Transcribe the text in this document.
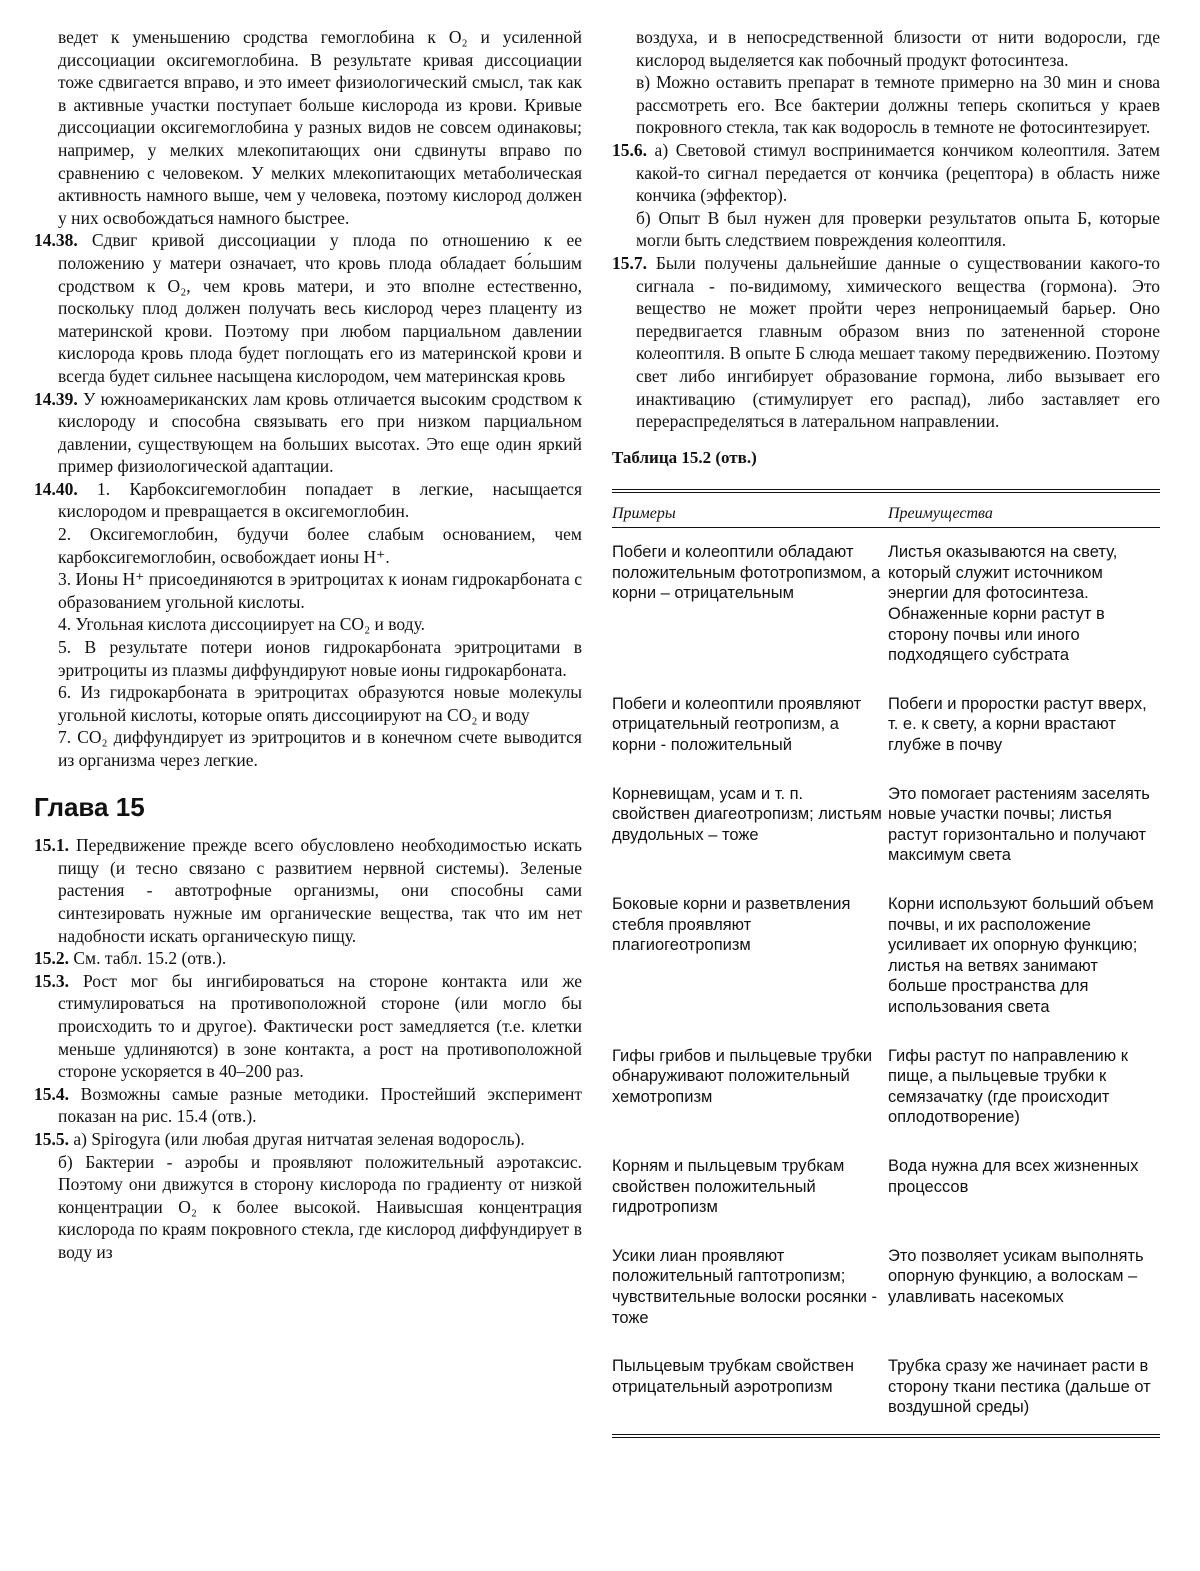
ведет к уменьшению сродства гемоглобина к O₂ и усиленной диссоциации оксигемоглобина. В результате кривая диссоциации тоже сдвигается вправо, и это имеет физиологический смысл, так как в активные участки поступает больше кислорода из крови. Кривые диссоциации оксигемоглобина у разных видов не совсем одинаковы; например, у мелких млекопитающих они сдвинуты вправо по сравнению с человеком. У мелких млекопитающих метаболическая активность намного выше, чем у человека, поэтому кислород должен у них освобождаться намного быстрее.

14.38. Сдвиг кривой диссоциации у плода по отношению к ее положению у матери означает, что кровь плода обладает бо́льшим сродством к O₂, чем кровь матери, и это вполне естественно, поскольку плод должен получать весь кислород через плаценту из материнской крови. Поэтому при любом парциальном давлении кислорода кровь плода будет поглощать его из материнской крови и всегда будет сильнее насыщена кислородом, чем материнская кровь

14.39. У южноамериканских лам кровь отличается высоким сродством к кислороду и способна связывать его при низком парциальном давлении, существующем на больших высотах. Это еще один яркий пример физиологической адаптации.

14.40. 1. Карбоксигемоглобин попадает в легкие, насыщается кислородом и превращается в оксигемоглобин.

2. Оксигемоглобин, будучи более слабым основанием, чем карбоксигемоглобин, освобождает ионы H⁺.

3. Ионы H⁺ присоединяются в эритроцитах к ионам гидрокарбоната с образованием угольной кислоты.

4. Угольная кислота диссоциирует на CO₂ и воду.

5. В результате потери ионов гидрокарбоната эритроцитами в эритроциты из плазмы диффундируют новые ионы гидрокарбоната.

6. Из гидрокарбоната в эритроцитах образуются новые молекулы угольной кислоты, которые опять диссоциируют на CO₂ и воду

7. CO₂ диффундирует из эритроцитов и в конечном счете выводится из организма через легкие.

Глава 15

15.1. Передвижение прежде всего обусловлено необходимостью искать пищу (и тесно связано с развитием нервной системы). Зеленые растения - автотрофные организмы, они способны сами синтезировать нужные им органические вещества, так что им нет надобности искать органическую пищу.

15.2. См. табл. 15.2 (отв.).

15.3. Рост мог бы ингибироваться на стороне контакта или же стимулироваться на противоположной стороне (или могло бы происходить то и другое). Фактически рост замедляется (т.е. клетки меньше удлиняются) в зоне контакта, а рост на противоположной стороне ускоряется в 40–200 раз.

15.4. Возможны самые разные методики. Простейший эксперимент показан на рис. 15.4 (отв.).

15.5. а) Spirogyra (или любая другая нитчатая зеленая водоросль).

б) Бактерии - аэробы и проявляют положительный аэротаксис. Поэтому они движутся в сторону кислорода по градиенту от низкой концентрации O₂ к более высокой. Наивысшая концентрация кислорода по краям покровного стекла, где кислород диффундирует в воду из

воздуха, и в непосредственной близости от нити водоросли, где кислород выделяется как побочный продукт фотосинтеза.

в) Можно оставить препарат в темноте примерно на 30 мин и снова рассмотреть его. Все бактерии должны теперь скопиться у краев покровного стекла, так как водоросль в темноте не фотосинтезирует.

15.6. а) Световой стимул воспринимается кончиком колеоптиля. Затем какой-то сигнал передается от кончика (рецептора) в область ниже кончика (эффектор).

б) Опыт В был нужен для проверки результатов опыта Б, которые могли быть следствием повреждения колеоптиля.

15.7. Были получены дальнейшие данные о существовании какого-то сигнала - по-видимому, химического вещества (гормона). Это вещество не может пройти через непроницаемый барьер. Оно передвигается главным образом вниз по затененной стороне колеоптиля. В опыте Б слюда мешает такому передвижению. Поэтому свет либо ингибирует образование гормона, либо вызывает его инактивацию (стимулирует его распад), либо заставляет его перераспределяться в латеральном направлении.

Таблица 15.2 (отв.)

Примеры	Преимущества
Побеги и колеоптили обладают положительным фототропизмом, а корни – отрицательным
Листья оказываются на свету, который служит источником энергии для фотосинтеза. Обнаженные корни растут в сторону почвы или иного подходящего субстрата
Побеги и колеоптили проявляют отрицательный геотропизм, а корни - положительный
Побеги и проростки растут вверх, т. е. к свету, а корни врастают глубже в почву
Корневищам, усам и т. п. свойствен диагеотропизм; листьям двудольных – тоже
Это помогает растениям заселять новые участки почвы; листья растут горизонтально и получают максимум света
Боковые корни и разветвления стебля проявляют плагиогеотропизм
Корни используют больший объем почвы, и их расположение усиливает их опорную функцию; листья на ветвях занимают больше пространства для использования света
Гифы грибов и пыльцевые трубки обнаруживают положительный хемотропизм
Гифы растут по направлению к пище, а пыльцевые трубки к семязачатку (где происходит оплодотворение)
Корням и пыльцевым трубкам свойствен положительный гидротропизм
Вода нужна для всех жизненных процессов
Усики лиан проявляют положительный гаптотропизм; чувствительные волоски росянки - тоже
Это позволяет усикам выполнять опорную функцию, а волоскам – улавливать насекомых
Пыльцевым трубкам свойствен отрицательный аэротропизм
Трубка сразу же начинает расти в сторону ткани пестика (дальше от воздушной среды)
